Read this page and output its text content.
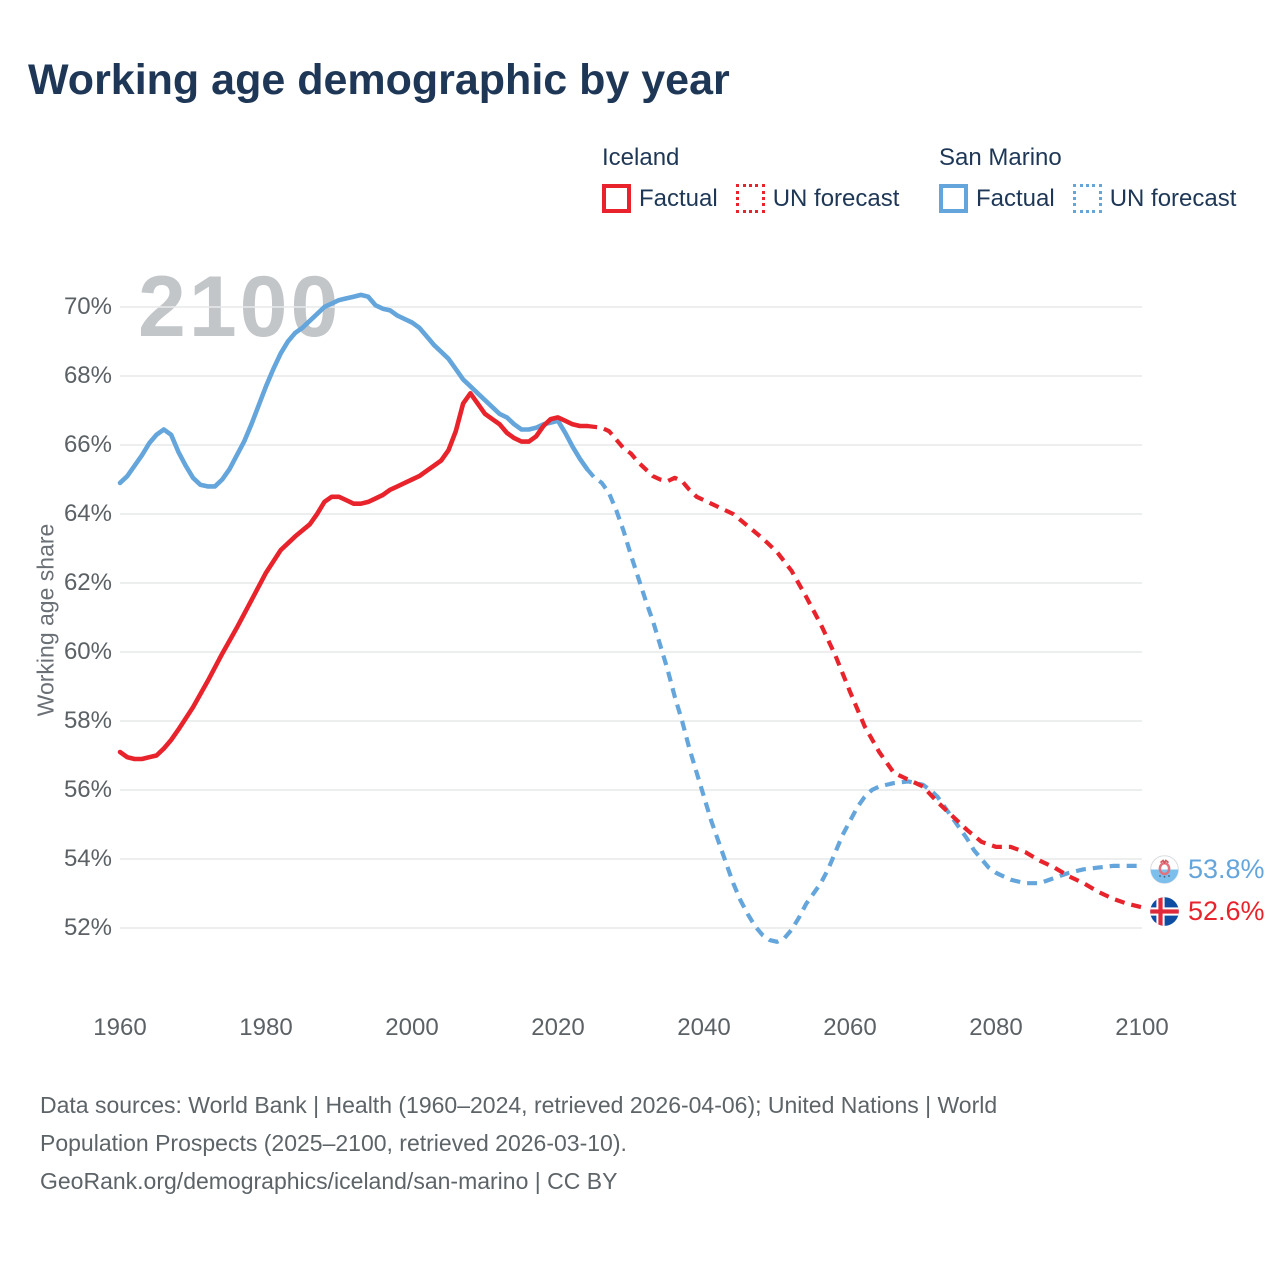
Working age demographic by year
Iceland
Factual UN forecast
San Marino
Factual UN forecast
2100
70%
68%
66%
64%
62%
60%
58%
56%
54%
52%
1960	1980	2000	2020	2040	2060	2080	2100
Working age share
53.8%
52.6%
Data sources: World Bank | Health (1960–2024, retrieved 2026-04-06); United Nations | World
Population Prospects (2025–2100, retrieved 2026-03-10).
GeoRank.org/demographics/iceland/san-marino | CC BY
